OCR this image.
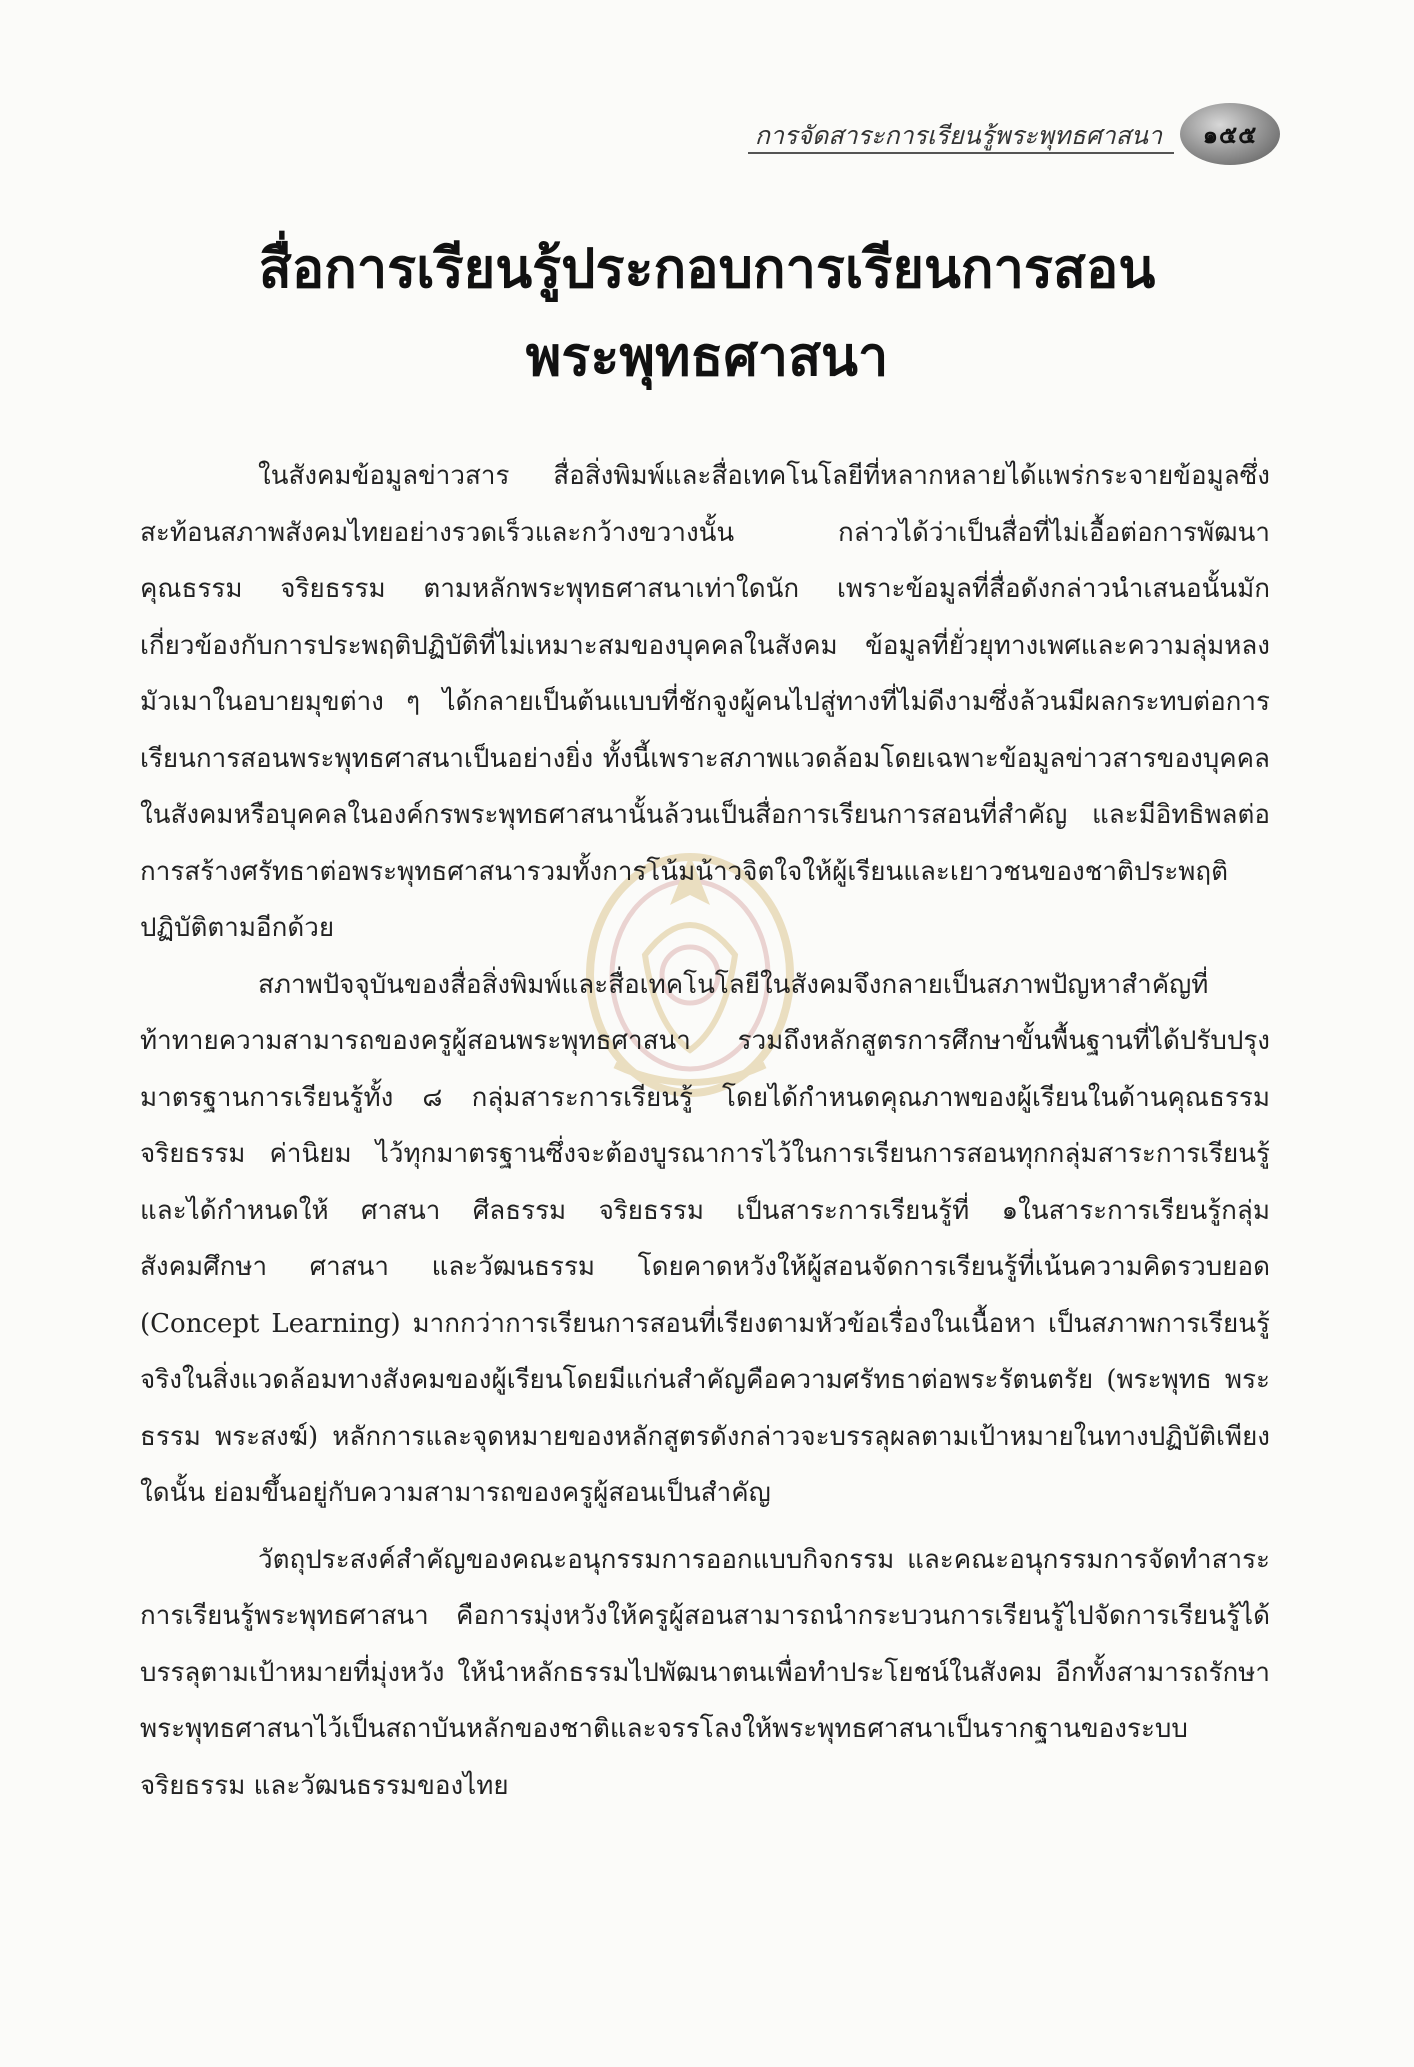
การจัดสาระการเรียนรู้พระพุทธศาสนา ๑๕๕
สื่อการเรียนรู้ประกอบการเรียนการสอน
พระพุทธศาสนา

ในสังคมข้อมูลข่าวสาร สื่อสิ่งพิมพ์และสื่อเทคโนโลยีที่หลากหลายได้แพร่กระจายข้อมูลซึ่งสะท้อนสภาพสังคมไทยอย่างรวดเร็วและกว้างขวางนั้น กล่าวได้ว่าเป็นสื่อที่ไม่เอื้อต่อการพัฒนาคุณธรรม จริยธรรม ตามหลักพระพุทธศาสนาเท่าใดนัก เพราะข้อมูลที่สื่อดังกล่าวนำเสนอนั้นมักเกี่ยวข้องกับการประพฤติปฏิบัติที่ไม่เหมาะสมของบุคคลในสังคม ข้อมูลที่ยั่วยุทางเพศและความลุ่มหลงมัวเมาในอบายมุขต่าง ๆ ได้กลายเป็นต้นแบบที่ชักจูงผู้คนไปสู่ทางที่ไม่ดีงามซึ่งล้วนมีผลกระทบต่อการเรียนการสอนพระพุทธศาสนาเป็นอย่างยิ่ง ทั้งนี้เพราะสภาพแวดล้อมโดยเฉพาะข้อมูลข่าวสารของบุคคลในสังคมหรือบุคคลในองค์กรพระพุทธศาสนานั้นล้วนเป็นสื่อการเรียนการสอนที่สำคัญ และมีอิทธิพลต่อการสร้างศรัทธาต่อพระพุทธศาสนารวมทั้งการโน้มน้าวจิตใจให้ผู้เรียนและเยาวชนของชาติประพฤติปฏิบัติตามอีกด้วย

สภาพปัจจุบันของสื่อสิ่งพิมพ์และสื่อเทคโนโลยีในสังคมจึงกลายเป็นสภาพปัญหาสำคัญที่ท้าทายความสามารถของครูผู้สอนพระพุทธศาสนา รวมถึงหลักสูตรการศึกษาขั้นพื้นฐานที่ได้ปรับปรุงมาตรฐานการเรียนรู้ทั้ง ๘ กลุ่มสาระการเรียนรู้ โดยได้กำหนดคุณภาพของผู้เรียนในด้านคุณธรรม จริยธรรม ค่านิยม ไว้ทุกมาตรฐานซึ่งจะต้องบูรณาการไว้ในการเรียนการสอนทุกกลุ่มสาระการเรียนรู้ และได้กำหนดให้ ศาสนา ศีลธรรม จริยธรรม เป็นสาระการเรียนรู้ที่ ๑ในสาระการเรียนรู้กลุ่มสังคมศึกษา ศาสนา และวัฒนธรรม โดยคาดหวังให้ผู้สอนจัดการเรียนรู้ที่เน้นความคิดรวบยอด (Concept Learning) มากกว่าการเรียนการสอนที่เรียงตามหัวข้อเรื่องในเนื้อหา เป็นสภาพการเรียนรู้จริงในสิ่งแวดล้อมทางสังคมของผู้เรียนโดยมีแก่นสำคัญคือความศรัทธาต่อพระรัตนตรัย (พระพุทธ พระธรรม พระสงฆ์) หลักการและจุดหมายของหลักสูตรดังกล่าวจะบรรลุผลตามเป้าหมายในทางปฏิบัติเพียงใดนั้น ย่อมขึ้นอยู่กับความสามารถของครูผู้สอนเป็นสำคัญ

วัตถุประสงค์สำคัญของคณะอนุกรรมการออกแบบกิจกรรม และคณะอนุกรรมการจัดทำสาระการเรียนรู้พระพุทธศาสนา คือการมุ่งหวังให้ครูผู้สอนสามารถนำกระบวนการเรียนรู้ไปจัดการเรียนรู้ได้บรรลุตามเป้าหมายที่มุ่งหวัง ให้นำหลักธรรมไปพัฒนาตนเพื่อทำประโยชน์ในสังคม อีกทั้งสามารถรักษาพระพุทธศาสนาไว้เป็นสถาบันหลักของชาติและจรรโลงให้พระพุทธศาสนาเป็นรากฐานของระบบจริยธรรม และวัฒนธรรมของไทย
